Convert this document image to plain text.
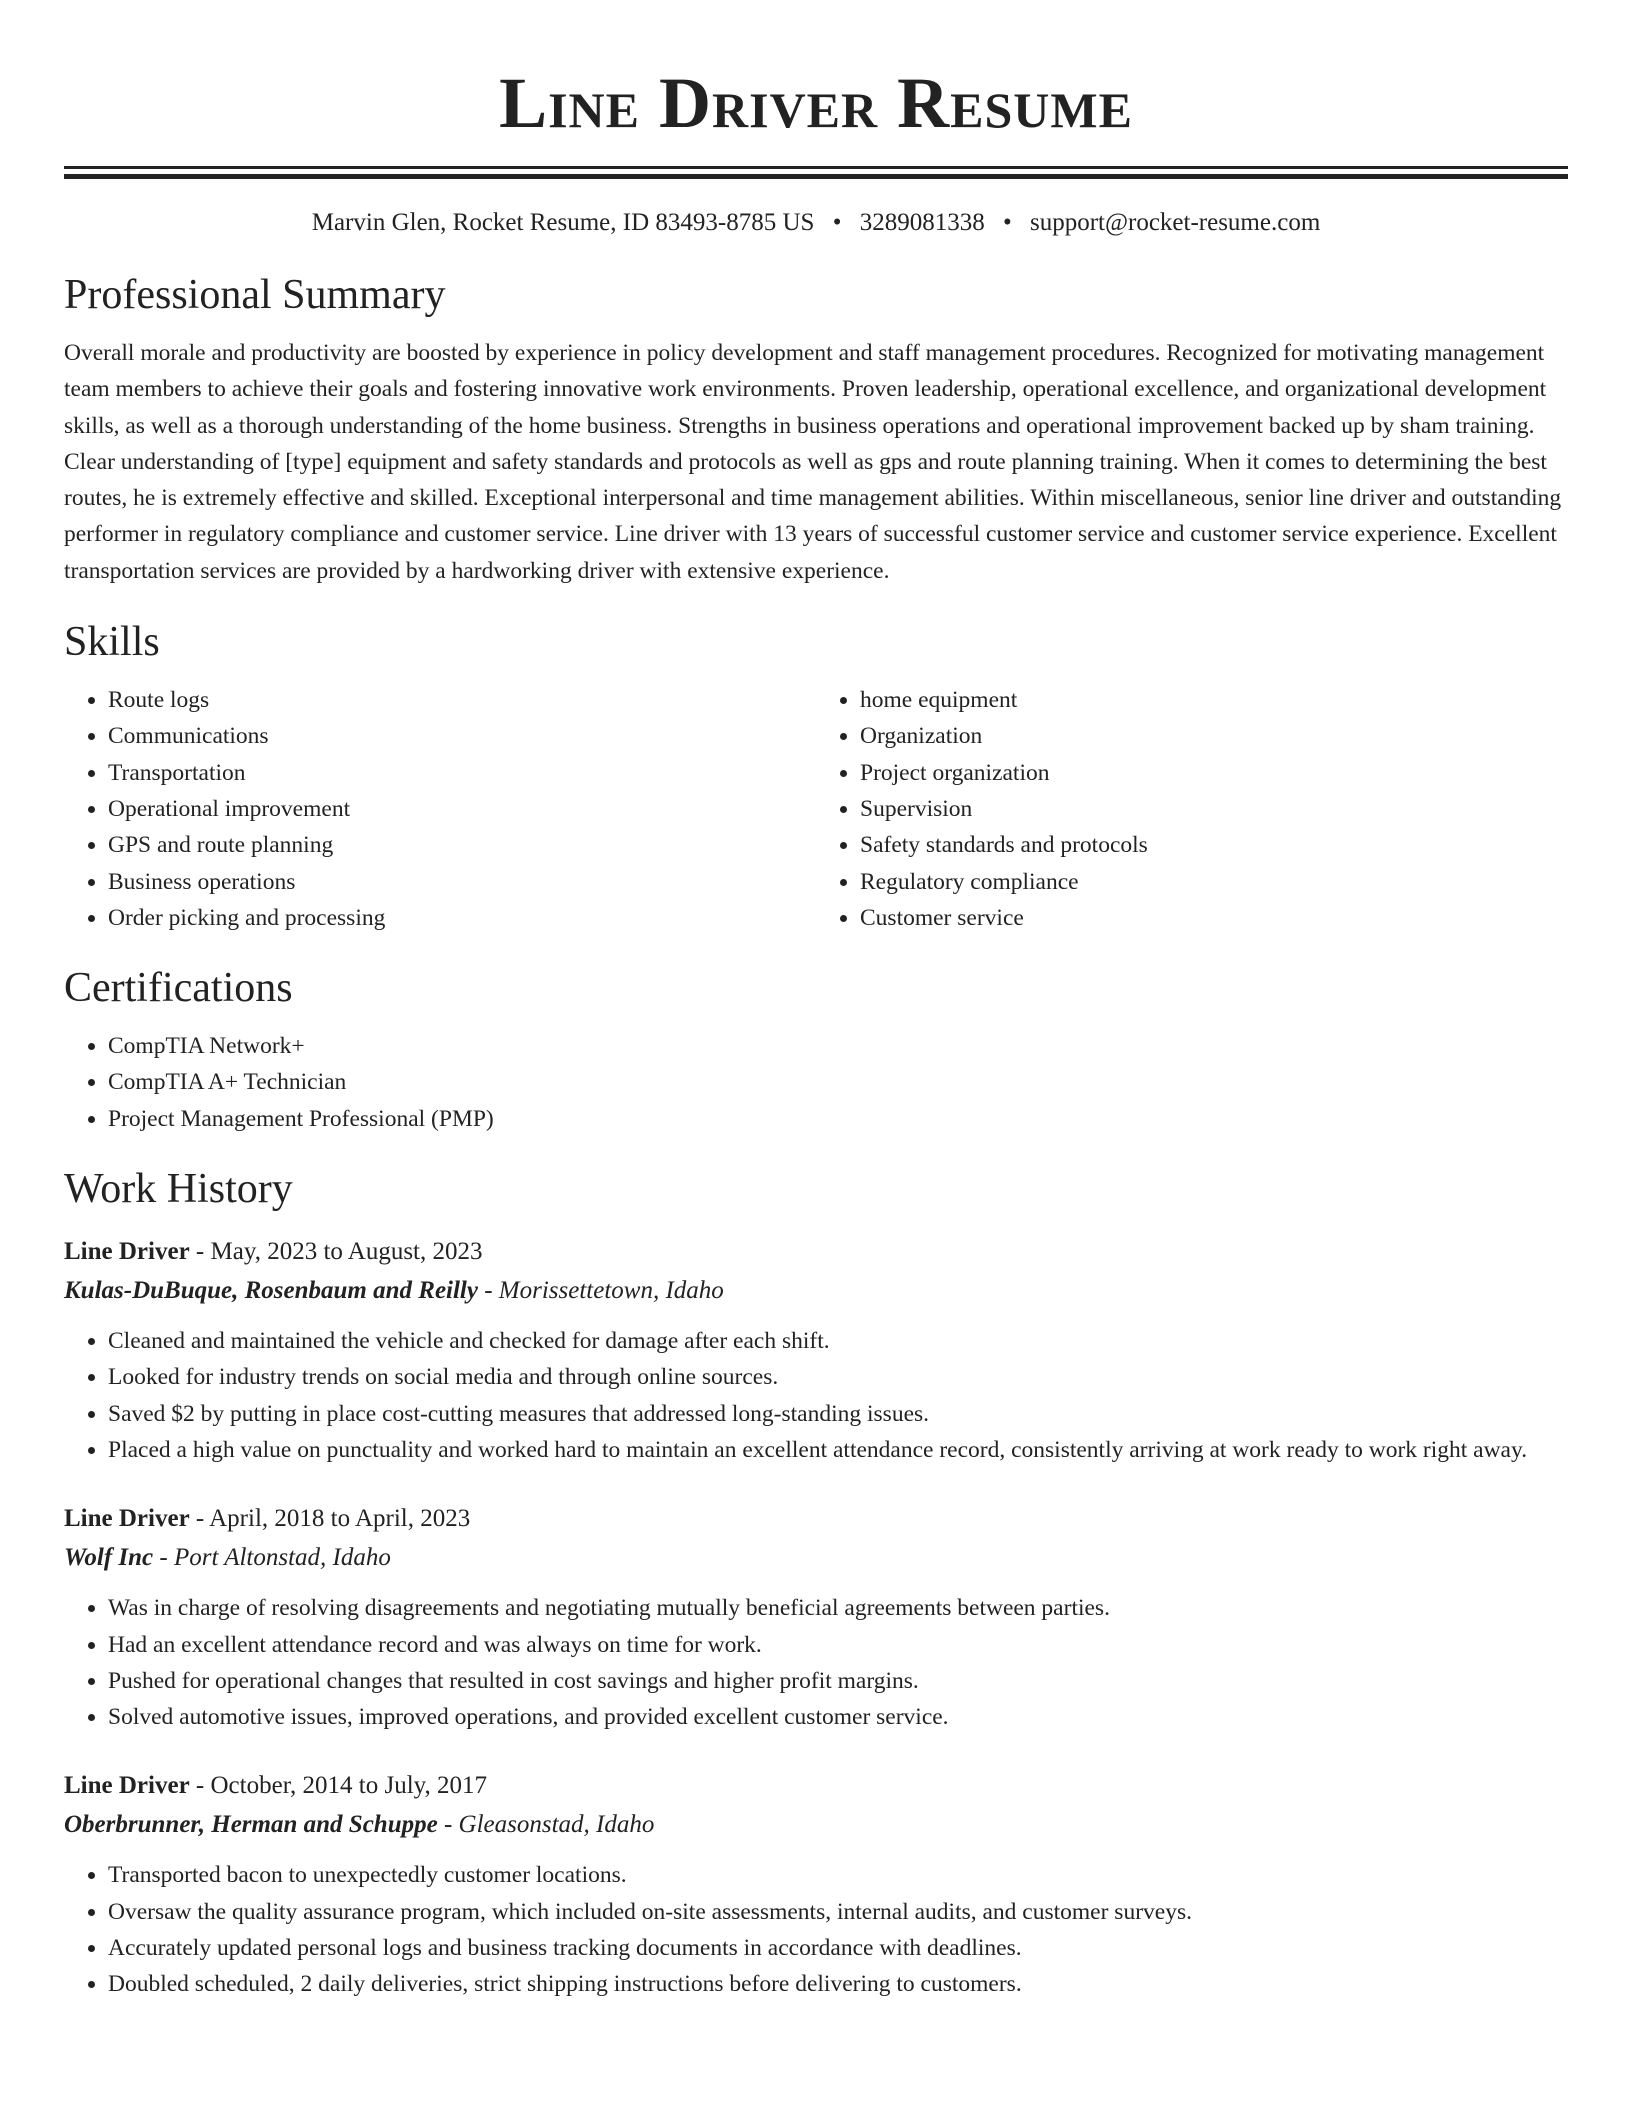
Line Driver Resume
Marvin Glen, Rocket Resume, ID 83493-8785 US • 3289081338 • support@rocket-resume.com
Professional Summary

Overall morale and productivity are boosted by experience in policy development and staff management procedures. Recognized for motivating management team members to achieve their goals and fostering innovative work environments. Proven leadership, operational excellence, and organizational development skills, as well as a thorough understanding of the home business. Strengths in business operations and operational improvement backed up by sham training. Clear understanding of [type] equipment and safety standards and protocols as well as gps and route planning training. When it comes to determining the best routes, he is extremely effective and skilled. Exceptional interpersonal and time management abilities. Within miscellaneous, senior line driver and outstanding performer in regulatory compliance and customer service. Line driver with 13 years of successful customer service and customer service experience. Excellent transportation services are provided by a hardworking driver with extensive experience.

Skills
• Route logs
• Communications
• Transportation
• Operational improvement
• GPS and route planning
• Business operations
• Order picking and processing
• home equipment
• Organization
• Project organization
• Supervision
• Safety standards and protocols
• Regulatory compliance
• Customer service
Certifications
• CompTIA Network+
• CompTIA A+ Technician
• Project Management Professional (PMP)
Work History
Line Driver - May, 2023 to August, 2023
Kulas-DuBuque, Rosenbaum and Reilly - Morissettetown, Idaho
• Cleaned and maintained the vehicle and checked for damage after each shift.
• Looked for industry trends on social media and through online sources.
• Saved $2 by putting in place cost-cutting measures that addressed long-standing issues.
• Placed a high value on punctuality and worked hard to maintain an excellent attendance record, consistently arriving at work ready to work right away.
Line Driver - April, 2018 to April, 2023
Wolf Inc - Port Altonstad, Idaho
• Was in charge of resolving disagreements and negotiating mutually beneficial agreements between parties.
• Had an excellent attendance record and was always on time for work.
• Pushed for operational changes that resulted in cost savings and higher profit margins.
• Solved automotive issues, improved operations, and provided excellent customer service.
Line Driver - October, 2014 to July, 2017
Oberbrunner, Herman and Schuppe - Gleasonstad, Idaho
• Transported bacon to unexpectedly customer locations.
• Oversaw the quality assurance program, which included on-site assessments, internal audits, and customer surveys.
• Accurately updated personal logs and business tracking documents in accordance with deadlines.
• Doubled scheduled, 2 daily deliveries, strict shipping instructions before delivering to customers.
